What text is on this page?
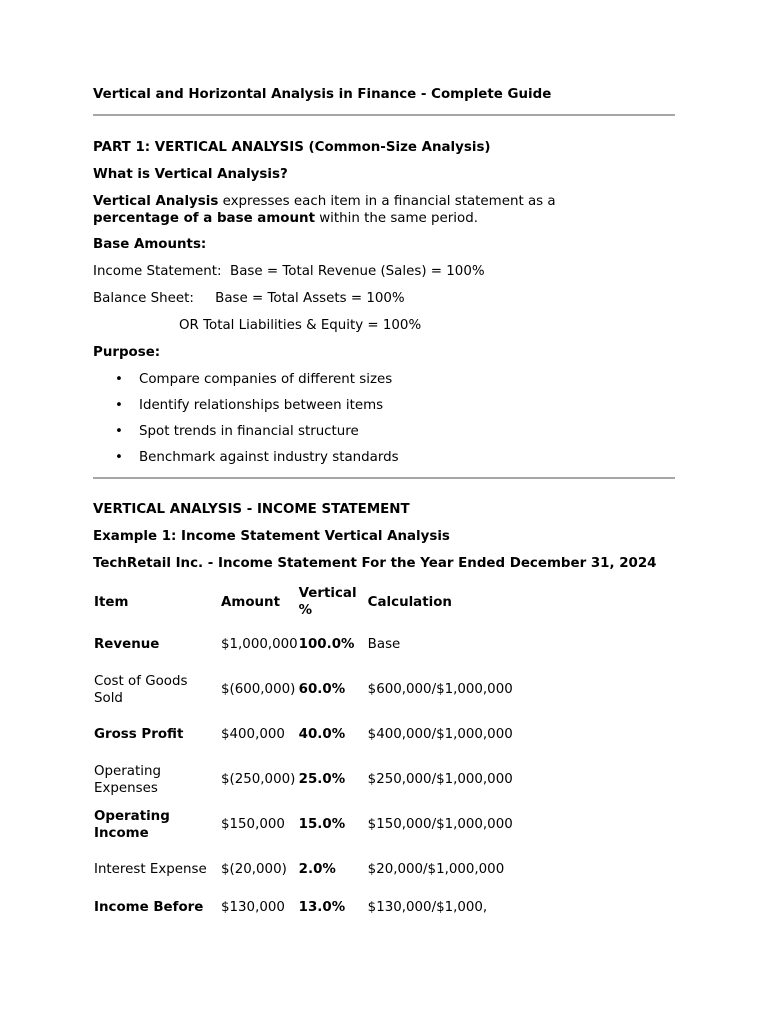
Vertical and Horizontal Analysis in Finance - Complete Guide

PART 1: VERTICAL ANALYSIS (Common-Size Analysis)

What is Vertical Analysis?

Vertical Analysis expresses each item in a financial statement as a
percentage of a base amount within the same period.

Base Amounts:

Income Statement:  Base = Total Revenue (Sales) = 100%

Balance Sheet:     Base = Total Assets = 100%

OR Total Liabilities & Equity = 100%

Purpose:

• Compare companies of different sizes
• Identify relationships between items
• Spot trends in financial structure
• Benchmark against industry standards

VERTICAL ANALYSIS - INCOME STATEMENT

Example 1: Income Statement Vertical Analysis

TechRetail Inc. - Income Statement For the Year Ended December 31, 2024

Item	Amount	Vertical %	Calculation
Revenue	$1,000,000	100.0%	Base
Cost of Goods Sold	$(600,000)	60.0%	$600,000/$1,000,000
Gross Profit	$400,000	40.0%	$400,000/$1,000,000
Operating Expenses	$(250,000)	25.0%	$250,000/$1,000,000
Operating Income	$150,000	15.0%	$150,000/$1,000,000
Interest Expense	$(20,000)	2.0%	$20,000/$1,000,000
Income Before	$130,000	13.0%	$130,000/$1,000,
